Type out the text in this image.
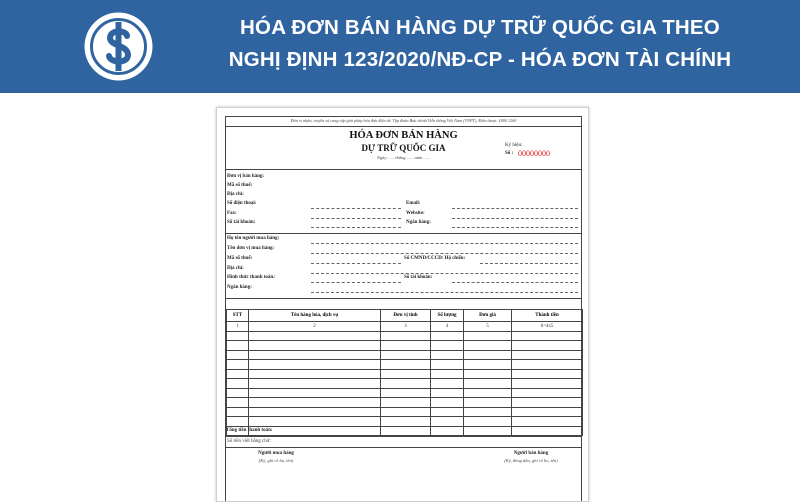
HÓA ĐƠN BÁN HÀNG DỰ TRỮ QUỐC GIA THEO
NGHỊ ĐỊNH 123/2020/NĐ-CP - HÓA ĐƠN TÀI CHÍNH
Đơn vị nhận, truyền và cung cấp giải pháp hóa đơn điện tử: Tập đoàn Bưu chính Viễn thông Việt Nam (VNPT), Điện thoại: 1800 1260
HÓA ĐƠN BÁN HÀNG
DỰ TRỮ QUỐC GIA
Ngày ...... tháng ...... năm ......
Ký hiệu:
Số : 00000000
Đơn vị bán hàng:
Mã số thuế:
Địa chỉ:
Số điện thoại:	Email:
Fax:	Website:
Số tài khoản:	Ngân hàng:
Họ tên người mua hàng:
Tên đơn vị mua hàng:
Mã số thuế:	Số CMND/CCCD/ Hộ chiếu:
Địa chỉ:
Hình thức thanh toán:	Số tài khoản:
Ngân hàng:
STT	Tên hàng hóa, dịch vụ	Đơn vị tính	Số lượng	Đơn giá	Thành tiền
1	2	3	4	5	6=4x5

Tổng tiền thanh toán:
Số tiền viết bằng chữ:
Người mua hàng
(Ký, ghi rõ họ, tên)
Người bán hàng
(Ký, đóng dấu, ghi rõ họ, tên)
